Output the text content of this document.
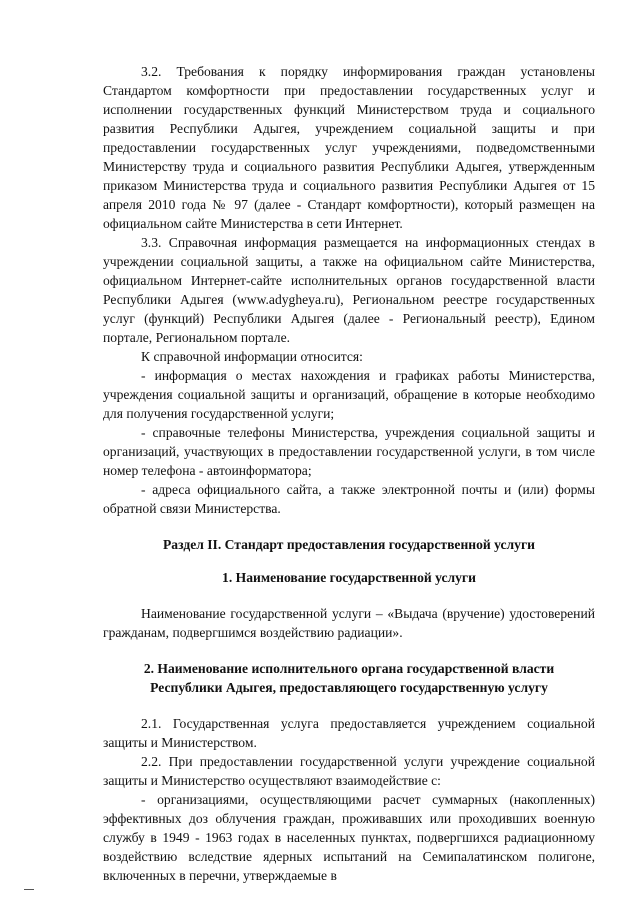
3.2. Требования к порядку информирования граждан установлены Стандартом комфортности при предоставлении государственных услуг и исполнении государственных функций Министерством труда и социального развития Республики Адыгея, учреждением социальной защиты и при предоставлении государственных услуг учреждениями, подведомственными Министерству труда и социального развития Республики Адыгея, утвержденным приказом Министерства труда и социального развития Республики Адыгея от 15 апреля 2010 года № 97 (далее - Стандарт комфортности), который размещен на официальном сайте Министерства в сети Интернет.

3.3. Справочная информация размещается на информационных стендах в учреждении социальной защиты, а также на официальном сайте Министерства, официальном Интернет-сайте исполнительных органов государственной власти Республики Адыгея (www.adygheya.ru), Региональном реестре государственных услуг (функций) Республики Адыгея (далее - Региональный реестр), Едином портале, Региональном портале.

К справочной информации относится:

- информация о местах нахождения и графиках работы Министерства, учреждения социальной защиты и организаций, обращение в которые необходимо для получения государственной услуги;

- справочные телефоны Министерства, учреждения социальной защиты и организаций, участвующих в предоставлении государственной услуги, в том числе номер телефона - автоинформатора;

- адреса официального сайта, а также электронной почты и (или) формы обратной связи Министерства.

Раздел II. Стандарт предоставления государственной услуги

1. Наименование государственной услуги

Наименование государственной услуги – «Выдача (вручение) удостоверений гражданам, подвергшимся воздействию радиации».

2. Наименование исполнительного органа государственной власти

Республики Адыгея, предоставляющего государственную услугу

2.1. Государственная услуга предоставляется учреждением социальной защиты и Министерством.

2.2. При предоставлении государственной услуги учреждение социальной защиты и Министерство осуществляют взаимодействие с:

- организациями, осуществляющими расчет суммарных (накопленных) эффективных доз облучения граждан, проживавших или проходивших военную службу в 1949 - 1963 годах в населенных пунктах, подвергшихся радиационному воздействию вследствие ядерных испытаний на Семипалатинском полигоне, включенных в перечни, утверждаемые в
